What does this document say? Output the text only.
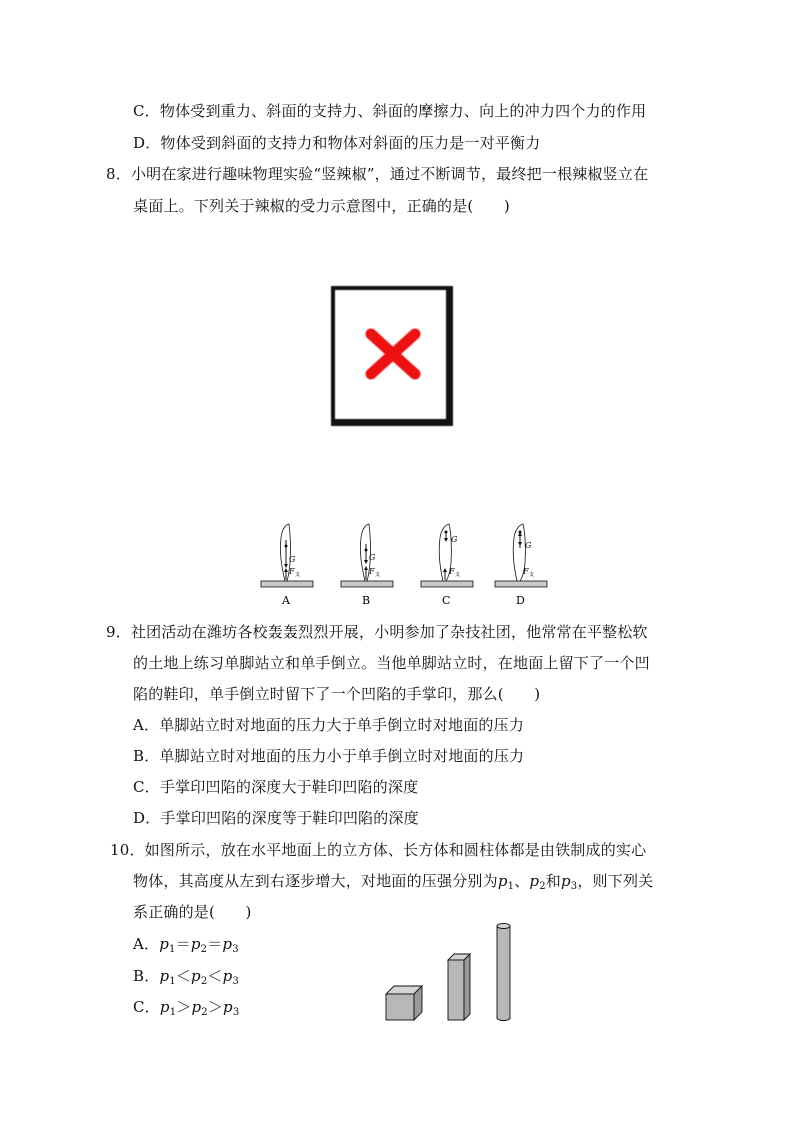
C．物体受到重力、斜面的支持力、斜面的摩擦力、向上的冲力四个力的作用
D．物体受到斜面的支持力和物体对斜面的压力是一对平衡力
8．小明在家进行趣味物理实验“竖辣椒”，通过不断调节，最终把一根辣椒竖立在
桌面上。下列关于辣椒的受力示意图中，正确的是(　　)
G
F 支
A
G
F 支
B
G
F 支
C
G
F 支
D
9．社团活动在潍坊各校轰轰烈烈开展，小明参加了杂技社团，他常常在平整松软
的土地上练习单脚站立和单手倒立。当他单脚站立时，在地面上留下了一个凹
陷的鞋印，单手倒立时留下了一个凹陷的手掌印，那么(　　)
A．单脚站立时对地面的压力大于单手倒立时对地面的压力
B．单脚站立时对地面的压力小于单手倒立时对地面的压力
C．手掌印凹陷的深度大于鞋印凹陷的深度
D．手掌印凹陷的深度等于鞋印凹陷的深度
10．如图所示，放在水平地面上的立方体、长方体和圆柱体都是由铁制成的实心
物体，其高度从左到右逐步增大，对地面的压强分别为$p_1$、$p_2$和$p_3$，则下列关
系正确的是(　　)
A．$p_1=p_2=p_3$
B．$p_1<p_2<p_3$
C．$p_1>p_2>p_3$
